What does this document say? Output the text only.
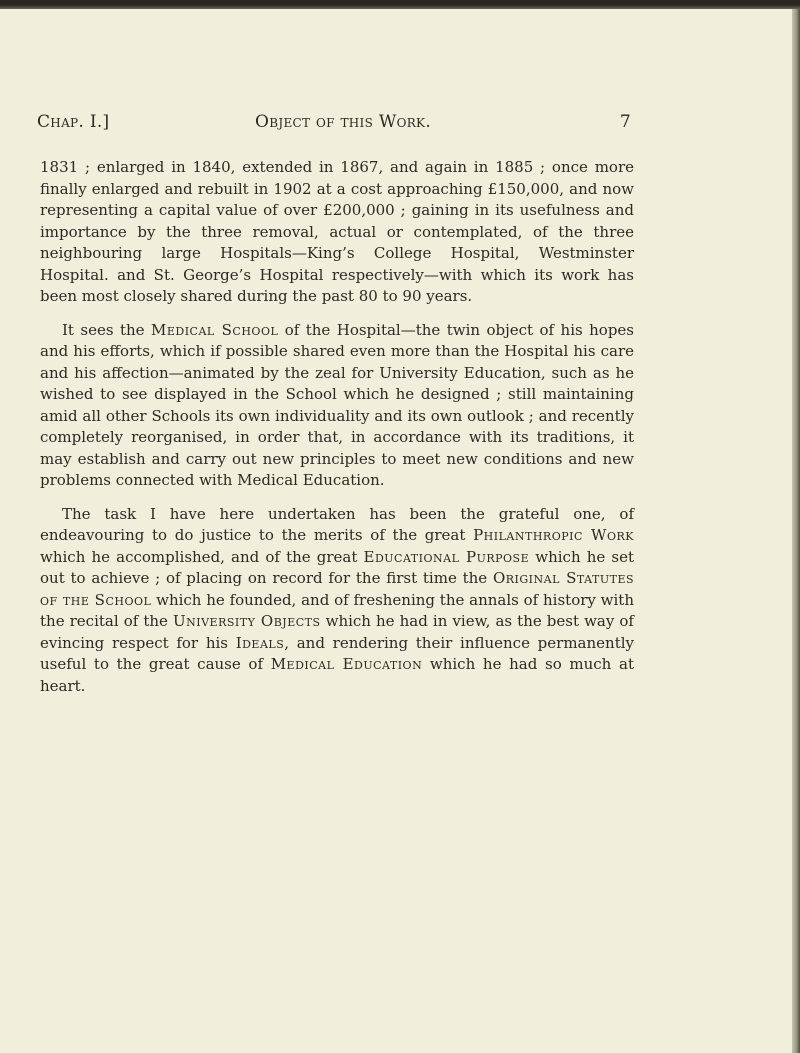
Chap. I.]	Object of this Work.	7

1831 ; enlarged in 1840, extended in 1867, and again in 1885 ; once more finally enlarged and rebuilt in 1902 at a cost approaching £150,000, and now representing a capital value of over £200,000 ; gaining in its usefulness and importance by the three removal, actual or contemplated, of the three neighbouring large Hospitals—King’s College Hospital, Westminster Hospital. and St. George’s Hospital respectively—with which its work has been most closely shared during the past 80 to 90 years.

It sees the Medical School of the Hospital—the twin object of his hopes and his efforts, which if possible shared even more than the Hospital his care and his affection—animated by the zeal for University Education, such as he wished to see displayed in the School which he designed ; still maintaining amid all other Schools its own individuality and its own outlook ; and recently completely reorganised, in order that, in accordance with its traditions, it may establish and carry out new principles to meet new conditions and new problems connected with Medical Education.

The task I have here undertaken has been the grateful one, of endeavouring to do justice to the merits of the great Philanthropic Work which he accomplished, and of the great Educational Purpose which he set out to achieve ; of placing on record for the first time the Original Statutes of the School which he founded, and of freshening the annals of history with the recital of the University Objects which he had in view, as the best way of evincing respect for his Ideals, and rendering their influence permanently useful to the great cause of Medical Education which he had so much at heart.
